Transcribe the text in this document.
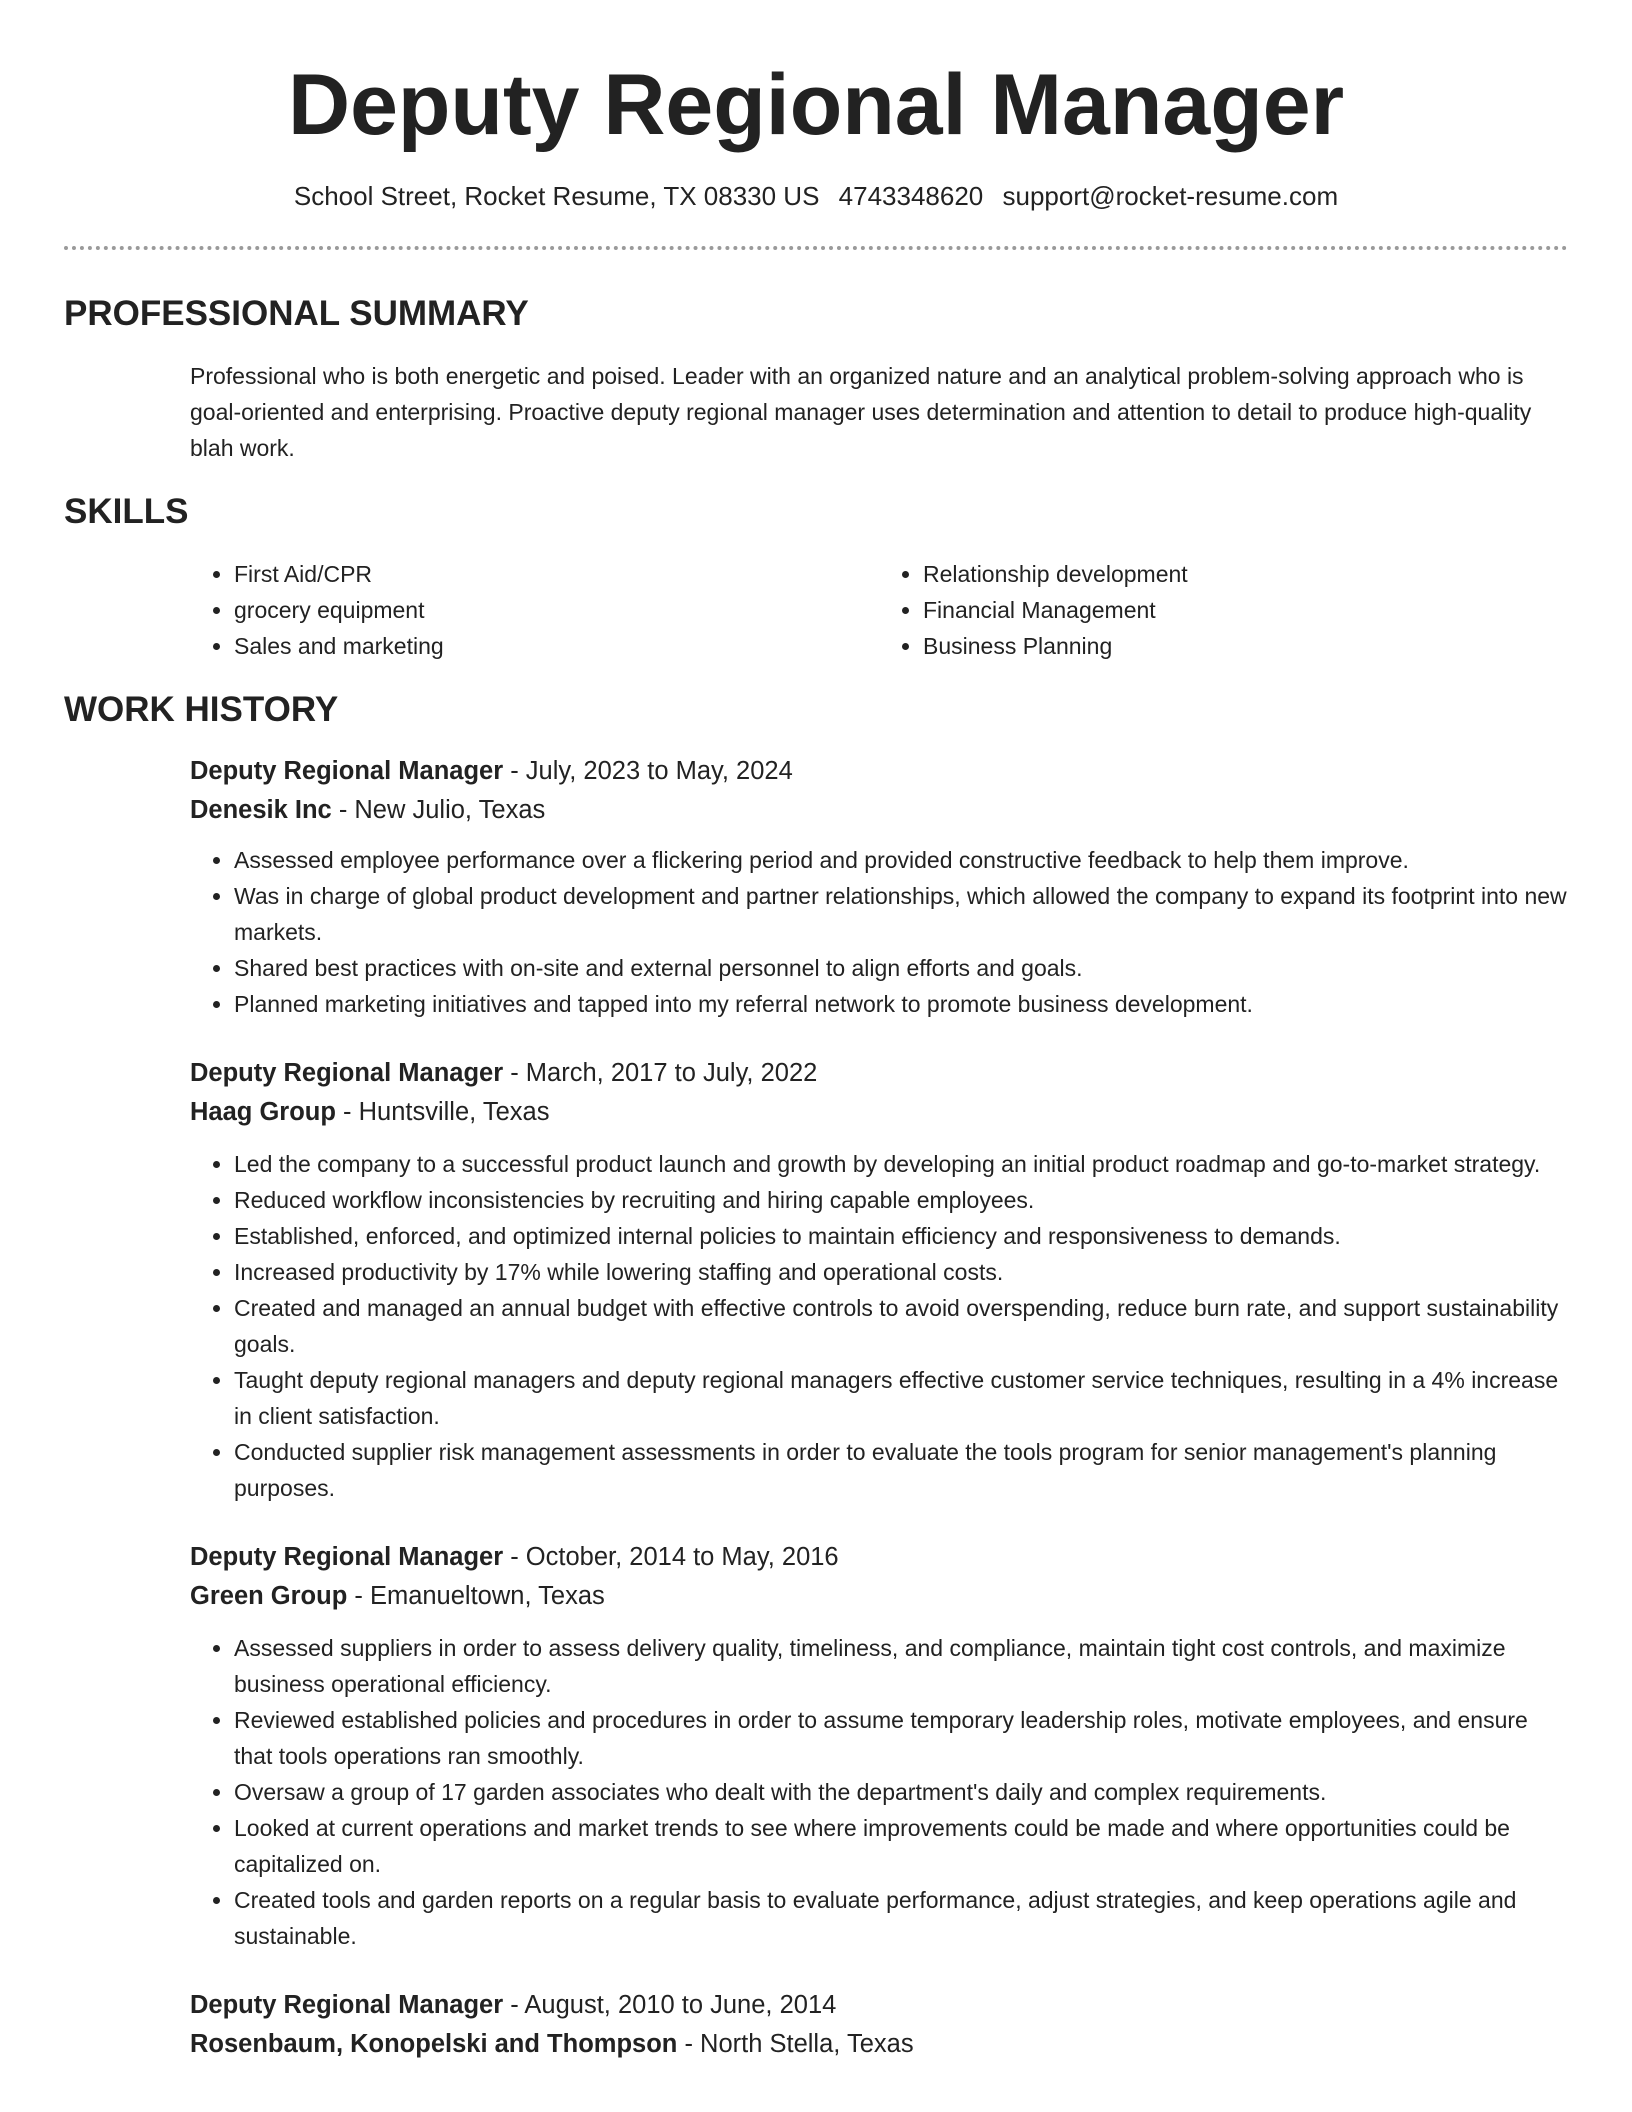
Deputy Regional Manager
School Street, Rocket Resume, TX 08330 US 4743348620 support@rocket-resume.com
PROFESSIONAL SUMMARY

Professional who is both energetic and poised. Leader with an organized nature and an analytical problem-solving approach who is goal-oriented and enterprising. Proactive deputy regional manager uses determination and attention to detail to produce high-quality blah work.

SKILLS
• First Aid/CPR
• grocery equipment
• Sales and marketing
• Relationship development
• Financial Management
• Business Planning
WORK HISTORY
Deputy Regional Manager - July, 2023 to May, 2024
Denesik Inc - New Julio, Texas
• Assessed employee performance over a flickering period and provided constructive feedback to help them improve.
• Was in charge of global product development and partner relationships, which allowed the company to expand its footprint into new markets.
• Shared best practices with on-site and external personnel to align efforts and goals.
• Planned marketing initiatives and tapped into my referral network to promote business development.
Deputy Regional Manager - March, 2017 to July, 2022
Haag Group - Huntsville, Texas
• Led the company to a successful product launch and growth by developing an initial product roadmap and go-to-market strategy.
• Reduced workflow inconsistencies by recruiting and hiring capable employees.
• Established, enforced, and optimized internal policies to maintain efficiency and responsiveness to demands.
• Increased productivity by 17% while lowering staffing and operational costs.
• Created and managed an annual budget with effective controls to avoid overspending, reduce burn rate, and support sustainability goals.
• Taught deputy regional managers and deputy regional managers effective customer service techniques, resulting in a 4% increase in client satisfaction.
• Conducted supplier risk management assessments in order to evaluate the tools program for senior management's planning purposes.
Deputy Regional Manager - October, 2014 to May, 2016
Green Group - Emanueltown, Texas
• Assessed suppliers in order to assess delivery quality, timeliness, and compliance, maintain tight cost controls, and maximize business operational efficiency.
• Reviewed established policies and procedures in order to assume temporary leadership roles, motivate employees, and ensure that tools operations ran smoothly.
• Oversaw a group of 17 garden associates who dealt with the department's daily and complex requirements.
• Looked at current operations and market trends to see where improvements could be made and where opportunities could be capitalized on.
• Created tools and garden reports on a regular basis to evaluate performance, adjust strategies, and keep operations agile and sustainable.
Deputy Regional Manager - August, 2010 to June, 2014
Rosenbaum, Konopelski and Thompson - North Stella, Texas
